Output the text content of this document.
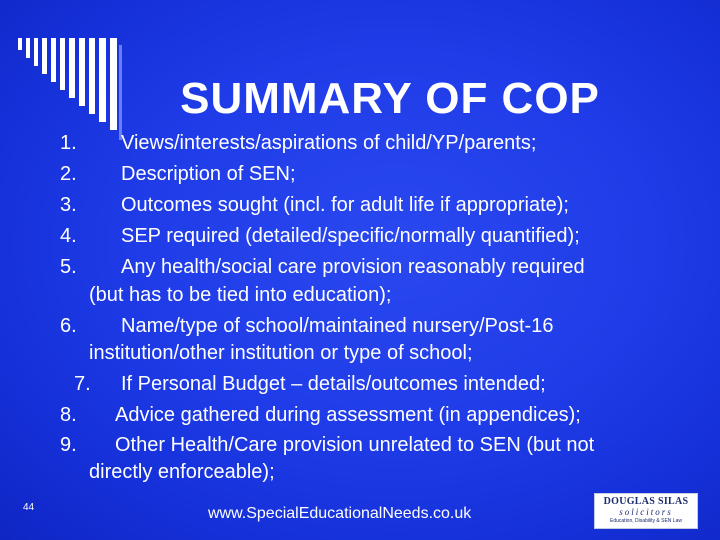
SUMMARY OF COP
1. Views/interests/aspirations of child/YP/parents;
2. Description of SEN;
3. Outcomes sought (incl. for adult life if appropriate);
4. SEP required (detailed/specific/normally quantified);
5. Any health/social care provision reasonably required
(but has to be tied into education);
6. Name/type of school/maintained nursery/Post-16
institution/other institution or type of school;
7. If Personal Budget – details/outcomes intended;
8. Advice gathered during assessment (in appendices);
9. Other Health/Care provision unrelated to SEN (but not
directly enforceable);
44	www.SpecialEducationalNeeds.co.uk
DOUGLAS SILAS
solicitors
Education, Disability & SEN Law
